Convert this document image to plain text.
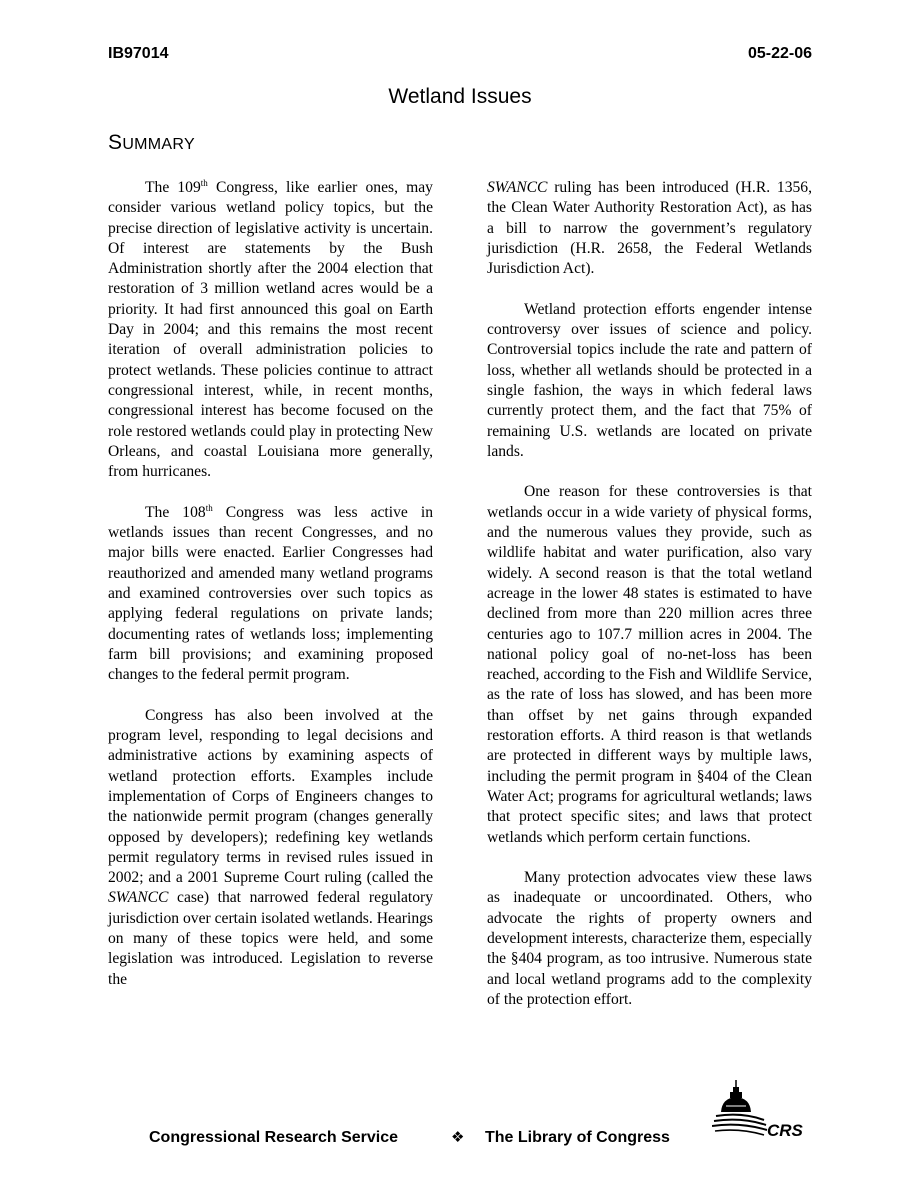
IB97014	05-22-06
Wetland Issues
SUMMARY

The 109th Congress, like earlier ones, may consider various wetland policy topics, but the precise direction of legislative activity is uncertain. Of interest are statements by the Bush Administration shortly after the 2004 election that restoration of 3 million wetland acres would be a priority. It had first announced this goal on Earth Day in 2004; and this remains the most recent iteration of overall administration policies to protect wetlands. These policies continue to attract congressional interest, while, in recent months, congressional interest has become focused on the role restored wetlands could play in protecting New Orleans, and coastal Louisiana more generally, from hurricanes.

The 108th Congress was less active in wetlands issues than recent Congresses, and no major bills were enacted. Earlier Congresses had reauthorized and amended many wetland programs and examined controversies over such topics as applying federal regulations on private lands; documenting rates of wetlands loss; implementing farm bill provisions; and examining proposed changes to the federal permit program.

Congress has also been involved at the program level, responding to legal decisions and administrative actions by examining aspects of wetland protection efforts. Examples include implementation of Corps of Engineers changes to the nationwide permit program (changes generally opposed by developers); redefining key wetlands permit regulatory terms in revised rules issued in 2002; and a 2001 Supreme Court ruling (called the SWANCC case) that narrowed federal regulatory jurisdiction over certain isolated wetlands. Hearings on many of these topics were held, and some legislation was introduced. Legislation to reverse the

SWANCC ruling has been introduced (H.R. 1356, the Clean Water Authority Restoration Act), as has a bill to narrow the government’s regulatory jurisdiction (H.R. 2658, the Federal Wetlands Jurisdiction Act).

Wetland protection efforts engender intense controversy over issues of science and policy. Controversial topics include the rate and pattern of loss, whether all wetlands should be protected in a single fashion, the ways in which federal laws currently protect them, and the fact that 75% of remaining U.S. wetlands are located on private lands.

One reason for these controversies is that wetlands occur in a wide variety of physical forms, and the numerous values they provide, such as wildlife habitat and water purification, also vary widely. A second reason is that the total wetland acreage in the lower 48 states is estimated to have declined from more than 220 million acres three centuries ago to 107.7 million acres in 2004. The national policy goal of no-net-loss has been reached, according to the Fish and Wildlife Service, as the rate of loss has slowed, and has been more than offset by net gains through expanded restoration efforts. A third reason is that wetlands are protected in different ways by multiple laws, including the permit program in §404 of the Clean Water Act; programs for agricultural wetlands; laws that protect specific sites; and laws that protect wetlands which perform certain functions.

Many protection advocates view these laws as inadequate or uncoordinated. Others, who advocate the rights of property owners and development interests, characterize them, especially the §404 program, as too intrusive. Numerous state and local wetland programs add to the complexity of the protection effort.

Congressional Research Service	❖ The Library of Congress	CRS
